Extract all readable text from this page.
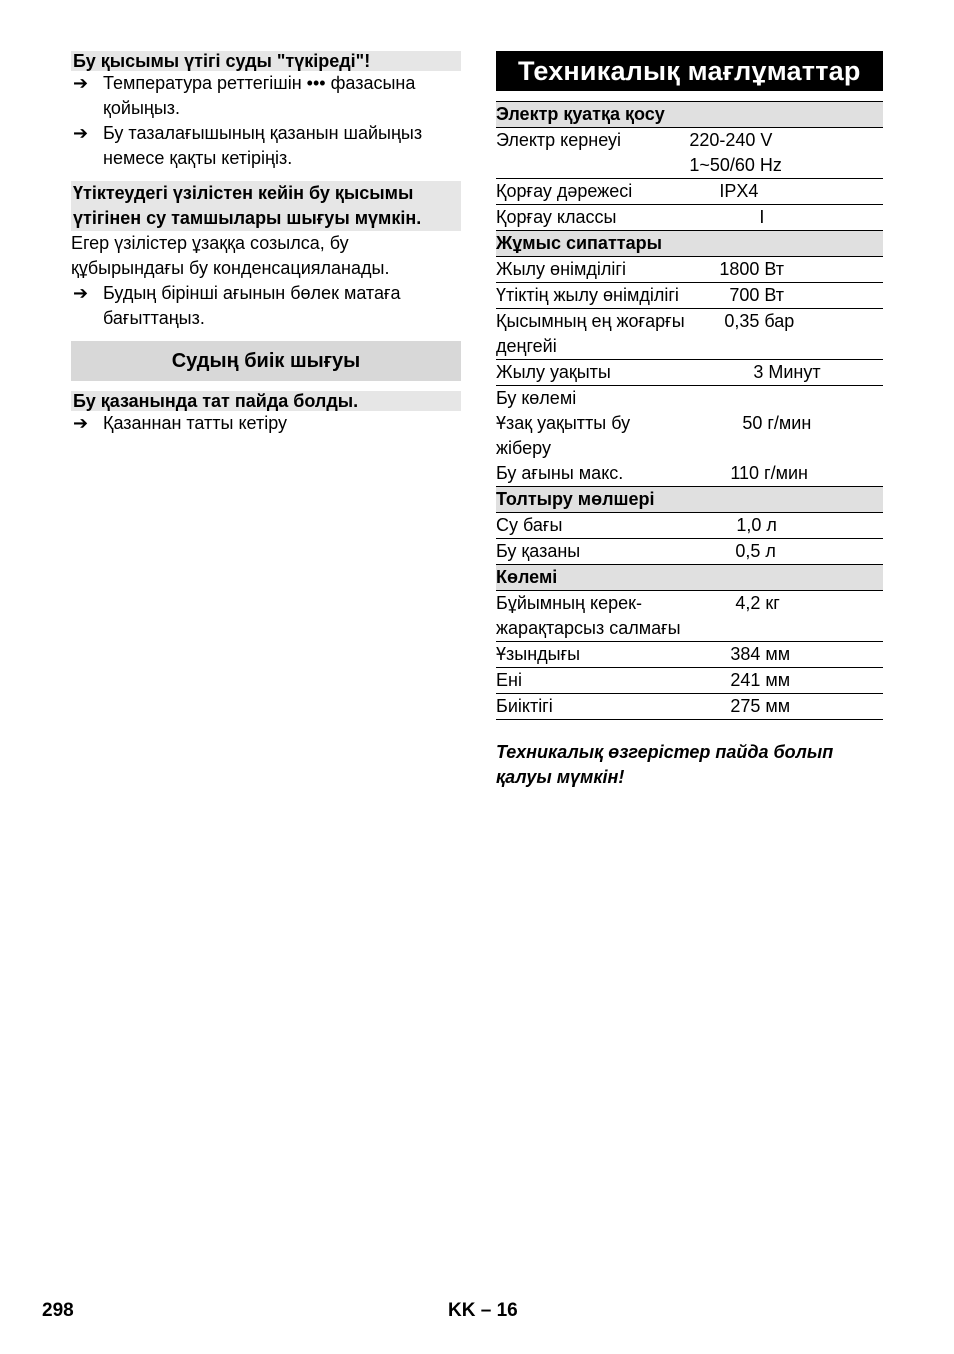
Бу қысымы үтігі суды "түкіреді"!
➔ Температура реттегішін ••• фазасына қойыңыз.
➔ Бу тазалағышының қазанын шайыңыз немесе қақты кетіріңіз.
Үтіктеудегі үзілістен кейін бу қысымы үтігінен су тамшылары шығуы мүмкін.
Егер үзілістер ұзаққа созылса, бу құбырындағы бу конденсацияланады.
➔ Будың бірінші ағынын бөлек матаға бағыттаңыз.
Судың биік шығуы
Бу қазанында тат пайда болды.
➔ Қазаннан татты кетіру
Техникалық мағлұматтар
Электр қуатқа қосу	
Электр кернеуі	220-240 V
	1~50/60 Hz
Қорғау дәрежесі	IPX4
Қорғау классы	I
Жұмыс сипаттары	
Жылу өнімділігі	1800 Вт
Үтіктің жылу өнімділігі	700 Вт
Қысымның ең жоғарғы деңгейі	0,35 бар
Жылу уақыты	3 Минут
Бу көлемі	
Ұзақ уақытты бу жіберу	50 г/мин
Бу ағыны макс.	110 г/мин
Толтыру мөлшері	
Су бағы	1,0 л
Бу қазаны	0,5 л
Көлемі	
Бұйымның керек-жарақтарсыз салмағы	4,2 кг
Ұзындығы	384 мм
Ені	241 мм
Биіктігі	275 мм
Техникалық өзгерістер пайда болып қалуы мүмкін!
298	KK – 16
